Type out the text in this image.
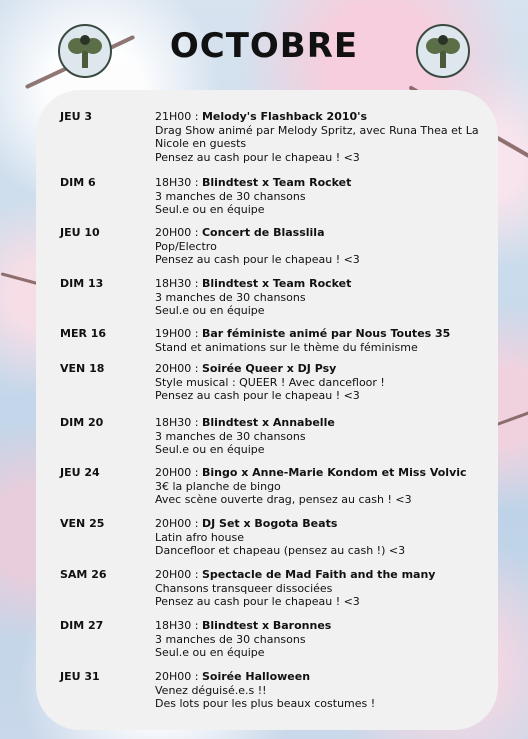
OCTOBRE
JEU 3	21H00 : Melody's Flashback 2010's
Drag Show animé par Melody Spritz, avec Runa Thea et La
Nicole en guests
Pensez au cash pour le chapeau ! <3
DIM 6	18H30 : Blindtest x Team Rocket
3 manches de 30 chansons
Seul.e ou en équipe
JEU 10	20H00 : Concert de Blasslila
Pop/Electro
Pensez au cash pour le chapeau ! <3
DIM 13	18H30 : Blindtest x Team Rocket
3 manches de 30 chansons
Seul.e ou en équipe
MER 16	19H00 : Bar féministe animé par Nous Toutes 35
Stand et animations sur le thème du féminisme
VEN 18	20H00 : Soirée Queer x DJ Psy
Style musical : QUEER ! Avec dancefloor !
Pensez au cash pour le chapeau ! <3
DIM 20	18H30 : Blindtest x Annabelle
3 manches de 30 chansons
Seul.e ou en équipe
JEU 24	20H00 : Bingo x Anne-Marie Kondom et Miss Volvic
3€ la planche de bingo
Avec scène ouverte drag, pensez au cash ! <3
VEN 25	20H00 : DJ Set x Bogota Beats
Latin afro house
Dancefloor et chapeau (pensez au cash !) <3
SAM 26	20H00 : Spectacle de Mad Faith and the many
Chansons transqueer dissociées
Pensez au cash pour le chapeau ! <3
DIM 27	18H30 : Blindtest x Baronnes
3 manches de 30 chansons
Seul.e ou en équipe
JEU 31	20H00 : Soirée Halloween
Venez déguisé.e.s !!
Des lots pour les plus beaux costumes !
